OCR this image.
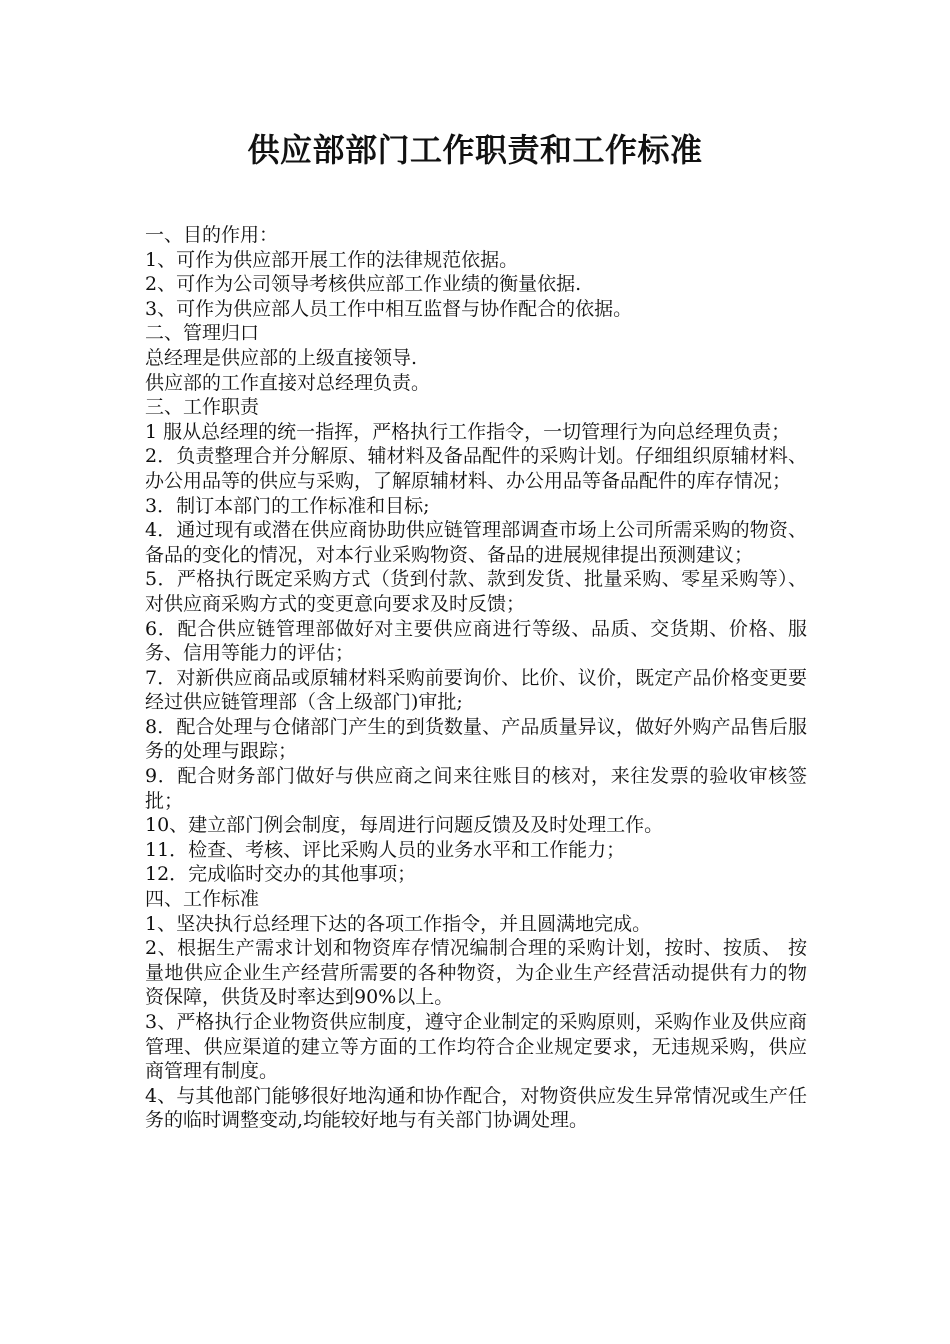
供应部部门工作职责和工作标准

一、目的作用：

1、可作为供应部开展工作的法律规范依据。

2、可作为公司领导考核供应部工作业绩的衡量依据.

3、可作为供应部人员工作中相互监督与协作配合的依据。

二、管理归口

总经理是供应部的上级直接领导.

供应部的工作直接对总经理负责。

三、工作职责

1 服从总经理的统一指挥，严格执行工作指令，一切管理行为向总经理负责；

2．负责整理合并分解原、辅材料及备品配件的采购计划。仔细组织原辅材料、办公用品等的供应与采购，了解原辅材料、办公用品等备品配件的库存情况；

3．制订本部门的工作标准和目标;

4．通过现有或潜在供应商协助供应链管理部调查市场上公司所需采购的物资、备品的变化的情况，对本行业采购物资、备品的进展规律提出预测建议；

5．严格执行既定采购方式（货到付款、款到发货、批量采购、零星采购等）、对供应商采购方式的变更意向要求及时反馈；

6．配合供应链管理部做好对主要供应商进行等级、品质、交货期、价格、服务、信用等能力的评估；

7．对新供应商品或原辅材料采购前要询价、比价、议价，既定产品价格变更要经过供应链管理部（含上级部门)审批;

8．配合处理与仓储部门产生的到货数量、产品质量异议，做好外购产品售后服务的处理与跟踪；

9．配合财务部门做好与供应商之间来往账目的核对，来往发票的验收审核签批；

10、建立部门例会制度，每周进行问题反馈及及时处理工作。

11．检查、考核、评比采购人员的业务水平和工作能力；

12．完成临时交办的其他事项；

四、工作标准

1、坚决执行总经理下达的各项工作指令，并且圆满地完成。

2、根据生产需求计划和物资库存情况编制合理的采购计划，按时、按质、 按量地供应企业生产经营所需要的各种物资，为企业生产经营活动提供有力的物资保障，供货及时率达到90%以上。

3、严格执行企业物资供应制度，遵守企业制定的采购原则，采购作业及供应商管理、供应渠道的建立等方面的工作均符合企业规定要求，无违规采购，供应商管理有制度。

4、与其他部门能够很好地沟通和协作配合，对物资供应发生异常情况或生产任务的临时调整变动,均能较好地与有关部门协调处理。
